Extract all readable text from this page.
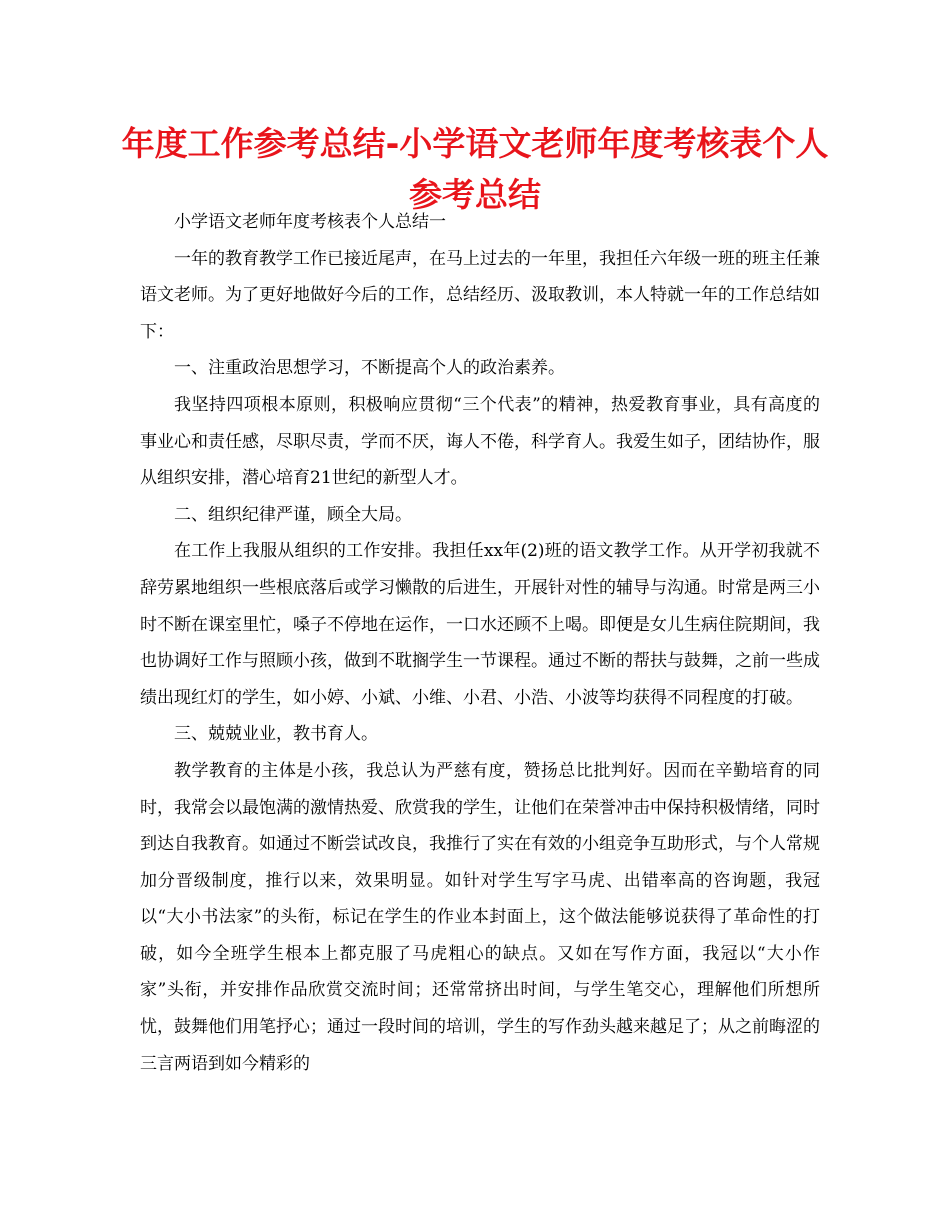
年度工作参考总结-小学语文老师年度考核表个人参考总结

小学语文老师年度考核表个人总结一

一年的教育教学工作已接近尾声，在马上过去的一年里，我担任六年级一班的班主任兼语文老师。为了更好地做好今后的工作，总结经历、汲取教训，本人特就一年的工作总结如下：

一、注重政治思想学习，不断提高个人的政治素养。

我坚持四项根本原则，积极响应贯彻“三个代表”的精神，热爱教育事业，具有高度的事业心和责任感，尽职尽责，学而不厌，诲人不倦，科学育人。我爱生如子，团结协作，服从组织安排，潜心培育21世纪的新型人才。

二、组织纪律严谨，顾全大局。

在工作上我服从组织的工作安排。我担任xx年(2)班的语文教学工作。从开学初我就不辞劳累地组织一些根底落后或学习懒散的后进生，开展针对性的辅导与沟通。时常是两三小时不断在课室里忙，嗓子不停地在运作，一口水还顾不上喝。即便是女儿生病住院期间，我也协调好工作与照顾小孩，做到不耽搁学生一节课程。通过不断的帮扶与鼓舞，之前一些成绩出现红灯的学生，如小婷、小斌、小维、小君、小浩、小波等均获得不同程度的打破。

三、兢兢业业，教书育人。

教学教育的主体是小孩，我总认为严慈有度，赞扬总比批判好。因而在辛勤培育的同时，我常会以最饱满的激情热爱、欣赏我的学生，让他们在荣誉冲击中保持积极情绪，同时到达自我教育。如通过不断尝试改良，我推行了实在有效的小组竞争互助形式，与个人常规加分晋级制度，推行以来，效果明显。如针对学生写字马虎、出错率高的咨询题，我冠以“大小书法家”的头衔，标记在学生的作业本封面上，这个做法能够说获得了革命性的打破，如今全班学生根本上都克服了马虎粗心的缺点。又如在写作方面，我冠以“大小作家”头衔，并安排作品欣赏交流时间；还常常挤出时间，与学生笔交心，理解他们所想所忧，鼓舞他们用笔抒心；通过一段时间的培训，学生的写作劲头越来越足了；从之前晦涩的三言两语到如今精彩的
